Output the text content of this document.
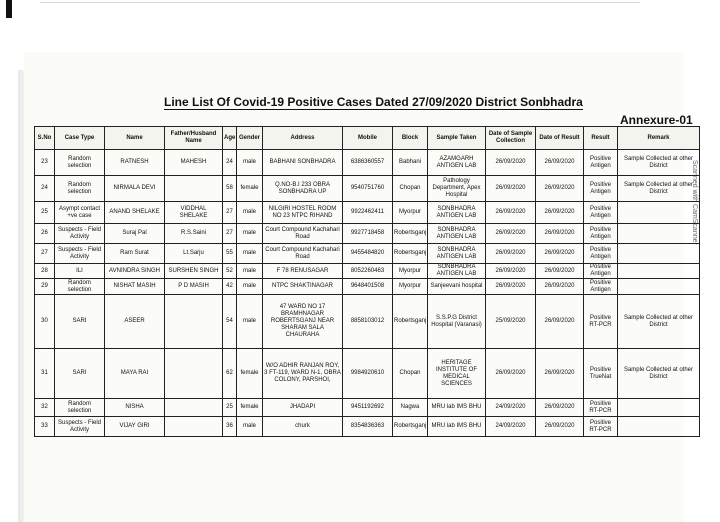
Line List Of Covid-19 Positive Cases Dated 27/09/2020 District Sonbhadra
Annexure-01
Scanned with CamScanner
S.No	Case Type	Name	Father/Husband Name	Age	Gender	Address	Mobile	Block	Sample Taken	Date of Sample Collection	Date of Result	Result	Remark
23	Random selection	RATNESH	MAHESH	24	male	BABHANI SONBHADRA	6386360557	Babhani	AZAMGARH ANTIGEN LAB	26/09/2020	26/09/2020	Positive Antigen	Sample Collected at other District
24	Random selection	NIRMALA DEVI		58	female	Q.NO-B.I 233 OBRA SONBHADRA UP	9540751760	Chopan	Pathology Department, Apex Hospital	26/09/2020	26/09/2020	Positive Antigen	Sample Collected at other District
25	Asympt contact +ve case	ANAND SHELAKE	VIDDHAL SHELAKE	27	male	NILGIRI HOSTEL ROOM NO 23 NTPC RIHAND	9922462411	Myorpur	SONBHADRA ANTIGEN LAB	26/09/2020	26/09/2020	Positive Antigen	
26	Suspects - Field Activity	Suraj Pal	R.S.Saini	27	male	Court Compound Kachahari Road	9927718458	Robertsganj	SONBHADRA ANTIGEN LAB	26/09/2020	26/09/2020	Positive Antigen	
27	Suspects - Field Activity	Ram Surat	Lt.Sarju	55	male	Court Compound Kachahari Road	9455484820	Robertsganj	SONBHADRA ANTIGEN LAB	26/09/2020	26/09/2020	Positive Antigen	
28	ILI	AVNINDRA SINGH	SURSHEN SINGH	52	male	F 78 RENUSAGAR	8052260463	Myorpur	SONBHADRA ANTIGEN LAB	26/09/2020	26/09/2020	Positive Antigen	
29	Random selection	NISHAT MASIH	P D MASIH	42	male	NTPC SHAKTINAGAR	9648401508	Myorpur	Sanjeevani hospital	26/09/2020	26/09/2020	Positive Antigen	
30	SARI	ASEER		54	male	47 WARD NO 17 BRAMHNAGAR ROBERTSGANJ NEAR SHARAM SALA CHAURAHA	8858103012	Robertsganj	S.S.P.G District Hospital (Varanasi)	25/09/2020	26/09/2020	Positive RT-PCR	Sample Collected at other District
31	SARI	MAYA RAI		62	female	W/O ADHIR RANJAN ROY, 3 FT-119, WARD N-1, OBRA COLONY, PARSHOI,	9984920610	Chopan	HERITAGE INSTITUTE OF MEDICAL SCIENCES	26/09/2020	26/09/2020	Positive TrueNat	Sample Collected at other District
32	Random selection	NISHA		25	female	JHADAPI	9451192692	Nagwa	MRU lab IMS BHU	24/09/2020	26/09/2020	Positive RT-PCR	
33	Suspects - Field Activity	VIJAY GIRI		36	male	churk	8354836363	Robertsganj	MRU lab IMS BHU	24/09/2020	26/09/2020	Positive RT-PCR	
